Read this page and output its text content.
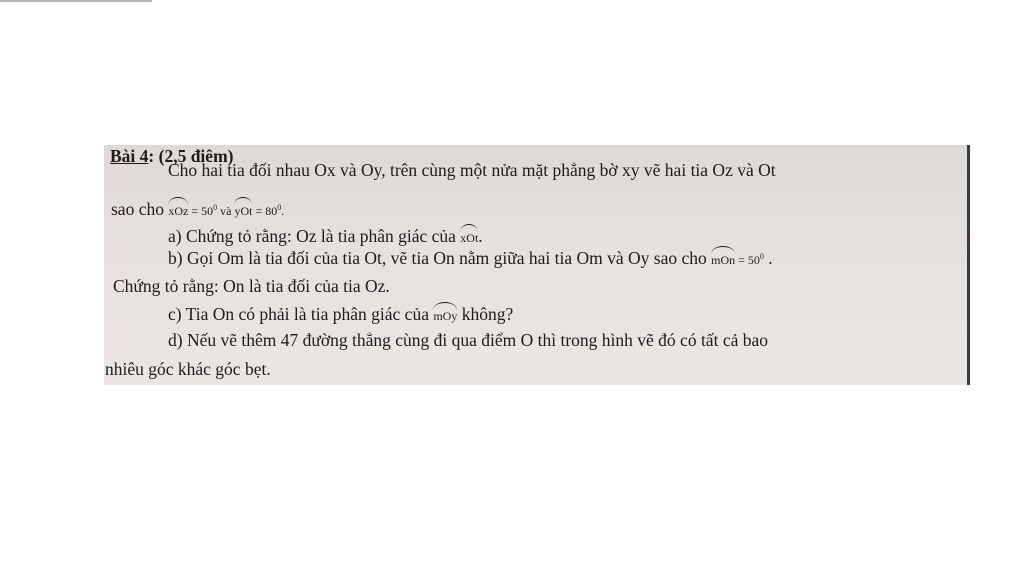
Bài 4: (2,5 điêm)
Cho hai tia đối nhau Ox và Oy, trên cùng một nửa mặt phẳng bờ xy vẽ hai tia Oz và Ot
sao cho xOz = $50^0$ và yOt = $80^0$.
a) Chứng tỏ rằng: Oz là tia phân giác của xOt.
b) Gọi Om là tia đối của tia Ot, vẽ tia On nằm giữa hai tia Om và Oy sao cho mOn = $50^0$ .
Chứng tỏ rằng: On là tia đối của tia Oz.
c) Tia On có phải là tia phân giác của mOy không?
d) Nếu vẽ thêm 47 đường thẳng cùng đi qua điểm O thì trong hình vẽ đó có tất cả bao
nhiêu góc khác góc bẹt.
